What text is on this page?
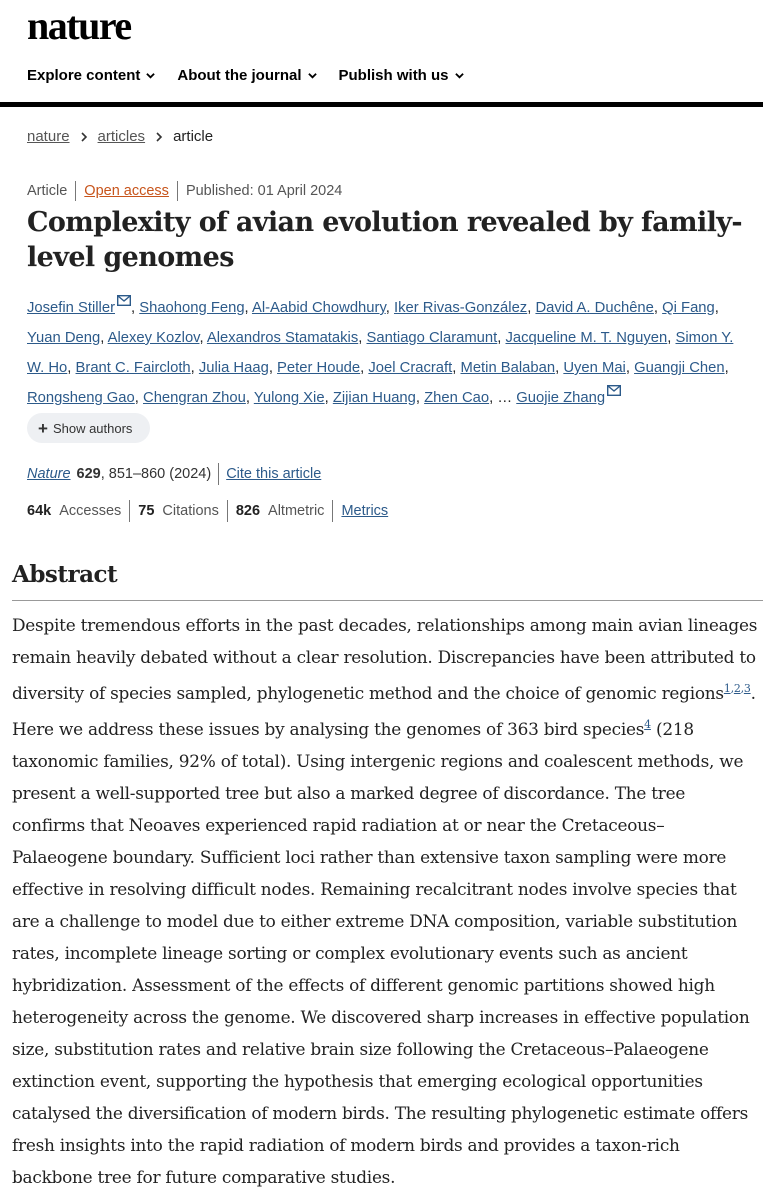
nature
Explore content About the journal Publish with us
nature articles article
Article Open access Published: 01 April 2024
Complexity of avian evolution revealed by family-level genomes
Josefin Stiller , Shaohong Feng, Al-Aabid Chowdhury, Iker Rivas-González, David A. Duchêne, Qi Fang, Yuan Deng, Alexey Kozlov, Alexandros Stamatakis, Santiago Claramunt, Jacqueline M. T. Nguyen, Simon Y. W. Ho, Brant C. Faircloth, Julia Haag, Peter Houde, Joel Cracraft, Metin Balaban, Uyen Mai, Guangji Chen, Rongsheng Gao, Chengran Zhou, Yulong Xie, Zijian Huang, Zhen Cao, … Guojie Zhang
+ Show authors
Nature 629 , 851–860 (2024) Cite this article
64k Accesses 75 Citations 826 Altmetric Metrics
Abstract
Despite tremendous efforts in the past decades, relationships among main avian lineages remain heavily debated without a clear resolution. Discrepancies have been attributed to diversity of species sampled, phylogenetic method and the choice of genomic regions$^{1,2,3}$. Here we address these issues by analysing the genomes of 363 bird species$^4$ (218 taxonomic families, 92% of total). Using intergenic regions and coalescent methods, we present a well-supported tree but also a marked degree of discordance. The tree confirms that Neoaves experienced rapid radiation at or near the Cretaceous–Palaeogene boundary. Sufficient loci rather than extensive taxon sampling were more effective in resolving difficult nodes. Remaining recalcitrant nodes involve species that are a challenge to model due to either extreme DNA composition, variable substitution rates, incomplete lineage sorting or complex evolutionary events such as ancient hybridization. Assessment of the effects of different genomic partitions showed high heterogeneity across the genome. We discovered sharp increases in effective population size, substitution rates and relative brain size following the Cretaceous–Palaeogene extinction event, supporting the hypothesis that emerging ecological opportunities catalysed the diversification of modern birds. The resulting phylogenetic estimate offers fresh insights into the rapid radiation of modern birds and provides a taxon-rich backbone tree for future comparative studies.
